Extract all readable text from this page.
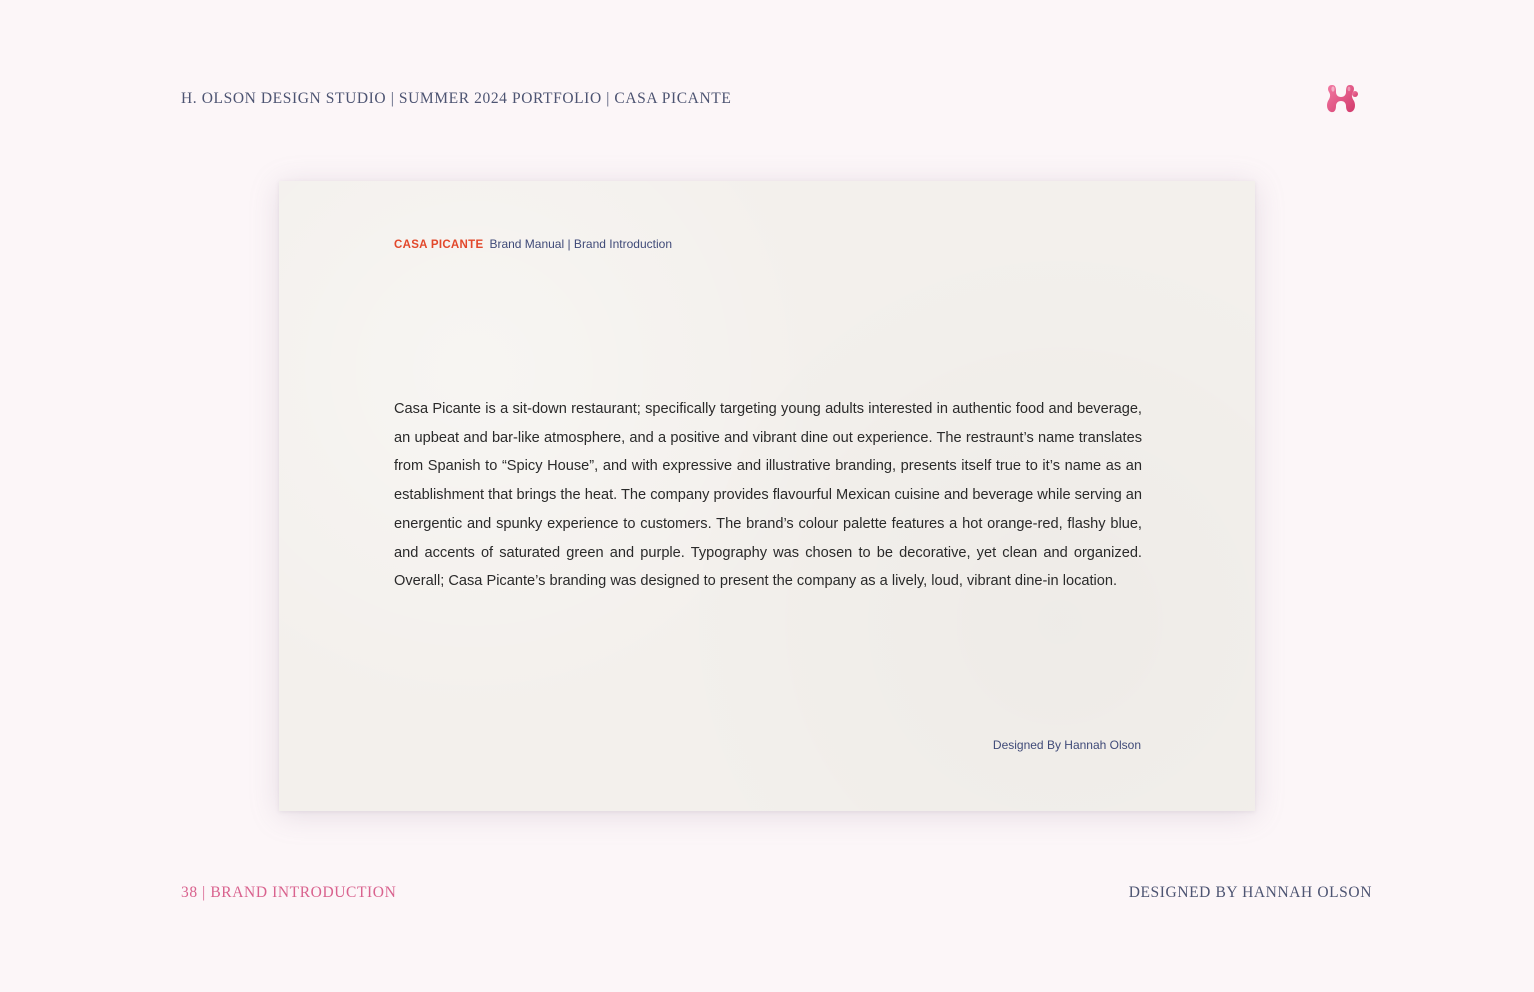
H. OLSON DESIGN STUDIO | SUMMER 2024 PORTFOLIO | CASA PICANTE
CASA PICANTE Brand Manual | Brand Introduction

Casa Picante is a sit-down restaurant; specifically targeting young adults interested in authentic food and beverage, an upbeat and bar-like atmosphere, and a positive and vibrant dine out experience. The restraunt’s name translates from Spanish to “Spicy House”, and with expressive and illustrative branding, presents itself true to it’s name as an establishment that brings the heat. The company provides flavourful Mexican cuisine and beverage while serving an energentic and spunky experience to customers. The brand’s colour palette features a hot orange-red, flashy blue, and accents of saturated green and purple. Typography was chosen to be decorative, yet clean and organized. Overall; Casa Picante’s branding was designed to present the company as a lively, loud, vibrant dine-in location.

Designed By Hannah Olson
38 | BRAND INTRODUCTION	DESIGNED BY HANNAH OLSON
